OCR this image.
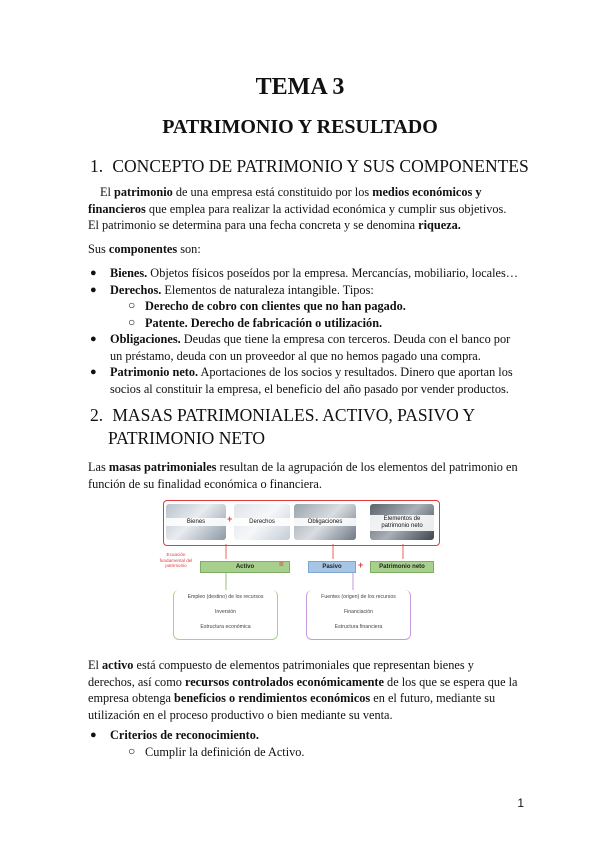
TEMA 3
PATRIMONIO Y RESULTADO
1. CONCEPTO DE PATRIMONIO Y SUS COMPONENTES
El patrimonio de una empresa está constituido por los medios económicos y financieros que emplea para realizar la actividad económica y cumplir sus objetivos. El patrimonio se determina para una fecha concreta y se denomina riqueza.
Sus componentes son:
● Bienes. Objetos físicos poseídos por la empresa. Mercancías, mobiliario, locales…
● Derechos. Elementos de naturaleza intangible. Tipos:
○ Derecho de cobro con clientes que no han pagado.
○ Patente. Derecho de fabricación o utilización.
● Obligaciones. Deudas que tiene la empresa con terceros. Deuda con el banco por un préstamo, deuda con un proveedor al que no hemos pagado una compra.
● Patrimonio neto. Aportaciones de los socios y resultados. Dinero que aportan los socios al constituir la empresa, el beneficio del año pasado por vender productos.
2. MASAS PATRIMONIALES. ACTIVO, PASIVO Y
PATRIMONIO NETO
Las masas patrimoniales resultan de la agrupación de los elementos del patrimonio en función de su finalidad económica o financiera.
Bienes	+	Derechos	Obligaciones	Elementos de patrimonio neto
Ecuación fundamental del patrimonio	Activo	=	Pasivo	+	Patrimonio neto
Empleo (destino) de los recursos
Inversión
Estructura económica
Fuentes (origen) de los recursos
Financiación
Estructura financiera
El activo está compuesto de elementos patrimoniales que representan bienes y derechos, así como recursos controlados económicamente de los que se espera que la empresa obtenga beneficios o rendimientos económicos en el futuro, mediante su utilización en el proceso productivo o bien mediante su venta.
● Criterios de reconocimiento.
○ Cumplir la definición de Activo.
1
